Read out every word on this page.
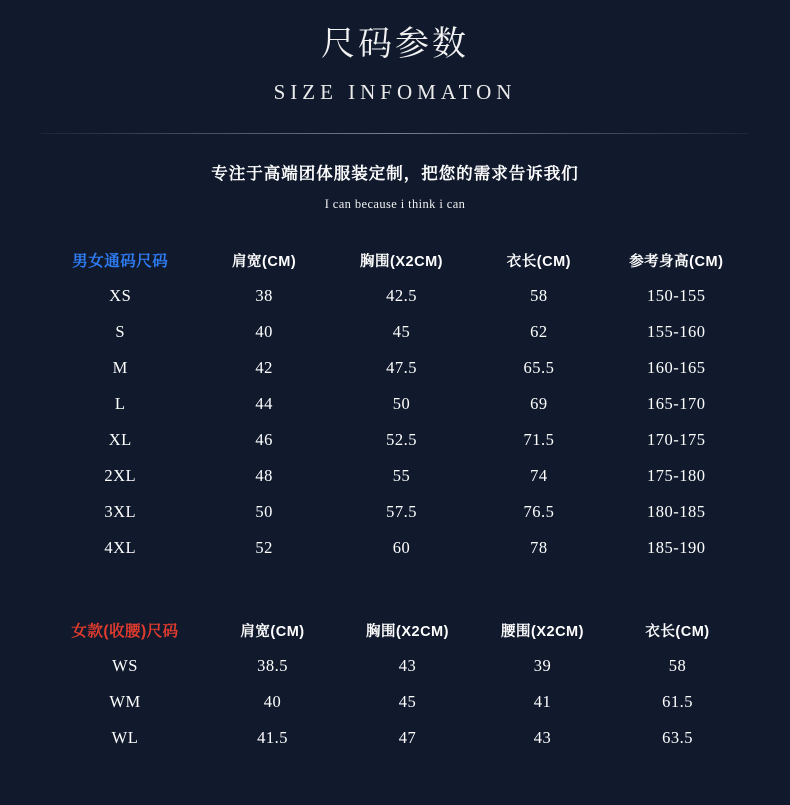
尺码参数
SIZE INFOMATON
专注于高端团体服装定制，把您的需求告诉我们
I can because i think i can
男女通码尺码	肩宽(CM)	胸围(X2CM)	衣长(CM)	参考身高(CM)
XS	38	42.5	58	150-155
S	40	45	62	155-160
M	42	47.5	65.5	160-165
L	44	50	69	165-170
XL	46	52.5	71.5	170-175
2XL	48	55	74	175-180
3XL	50	57.5	76.5	180-185
4XL	52	60	78	185-190
女款(收腰)尺码	肩宽(CM)	胸围(X2CM)	腰围(X2CM)	衣长(CM)
WS	38.5	43	39	58
WM	40	45	41	61.5
WL	41.5	47	43	63.5
